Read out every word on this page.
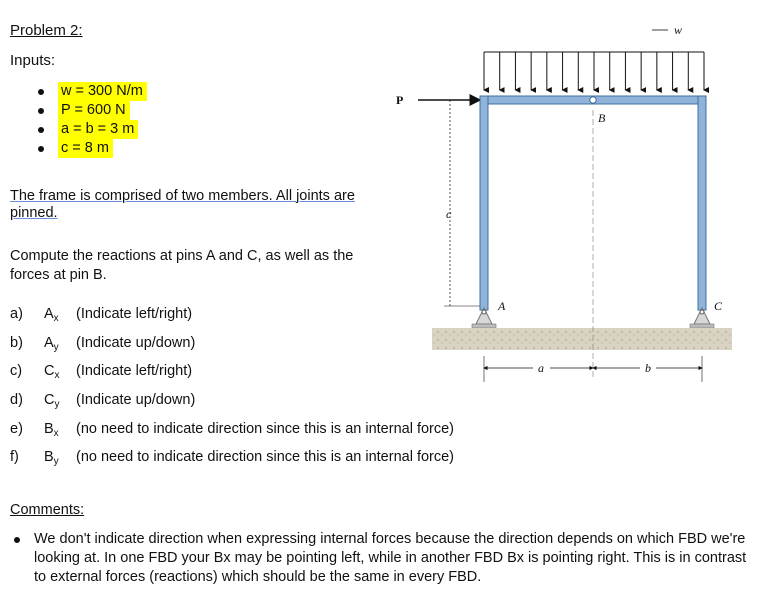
Problem 2:
Inputs:
w = 300 N/m
P = 600 N
a = b = 3 m
c = 8 m
The frame is comprised of two members. All joints are
pinned.
Compute the reactions at pins A and C, as well as the
forces at pin B.
a) $A_x$ (Indicate left/right)
b) $A_y$ (Indicate up/down)
c) $C_x$ (Indicate left/right)
d) $C_y$ (Indicate up/down)
e) $B_x$ (no need to indicate direction since this is an internal force)
f) $B_y$ (no need to indicate direction since this is an internal force)
Comments:
We don't indicate direction when expressing internal forces because the direction depends on which FBD we're looking at. In one FBD your Bx may be pointing left, while in another FBD Bx is pointing right. This is in contrast to external forces (reactions) which should be the same in every FBD.
w
P
B
c
A	C
a	b
